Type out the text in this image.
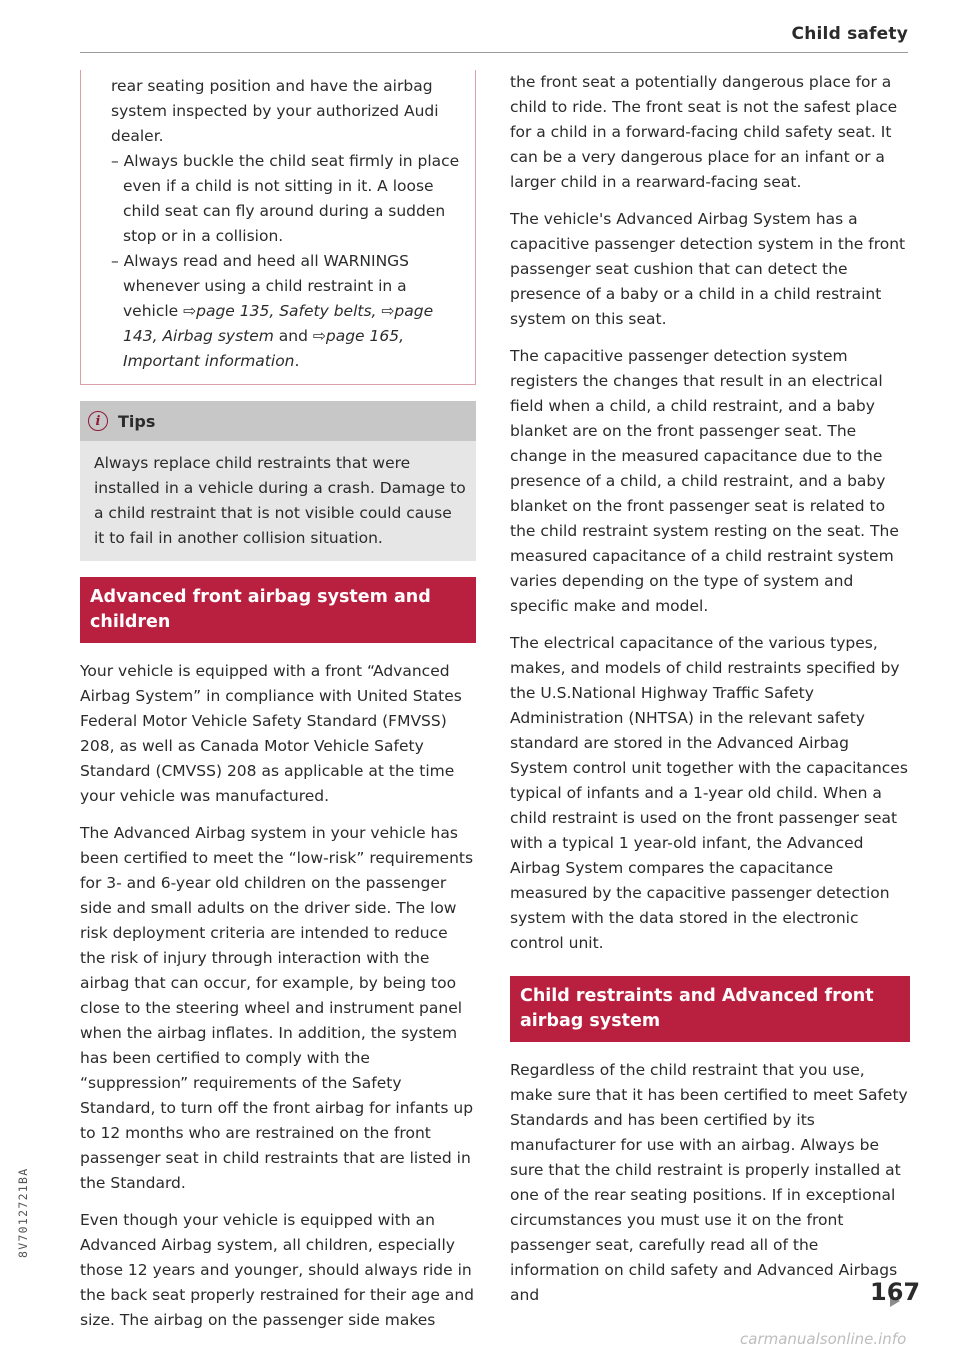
Child safety

rear seating position and have the airbag system inspected by your authorized Audi dealer.

– Always buckle the child seat firmly in place even if a child is not sitting in it. A loose child seat can fly around during a sudden stop or in a collision.

– Always read and heed all WARNINGS whenever using a child restraint in a vehicle ⇨page 135, Safety belts, ⇨page 143, Airbag system and ⇨page 165, Important information.

i	Tips
Always replace child restraints that were installed in a vehicle during a crash. Damage to a child restraint that is not visible could cause it to fail in another collision situation.
Advanced front airbag system and children

Your vehicle is equipped with a front “Advanced Airbag System” in compliance with United States Federal Motor Vehicle Safety Standard (FMVSS) 208, as well as Canada Motor Vehicle Safety Standard (CMVSS) 208 as applicable at the time your vehicle was manufactured.

The Advanced Airbag system in your vehicle has been certified to meet the “low-risk” requirements for 3- and 6-year old children on the passenger side and small adults on the driver side. The low risk deployment criteria are intended to reduce the risk of injury through interaction with the airbag that can occur, for example, by being too close to the steering wheel and instrument panel when the airbag inflates. In addition, the system has been certified to comply with the “suppression” requirements of the Safety Standard, to turn off the front airbag for infants up to 12 months who are restrained on the front passenger seat in child restraints that are listed in the Standard.

Even though your vehicle is equipped with an Advanced Airbag system, all children, especially those 12 years and younger, should always ride in the back seat properly restrained for their age and size. The airbag on the passenger side makes

the front seat a potentially dangerous place for a child to ride. The front seat is not the safest place for a child in a forward-facing child safety seat. It can be a very dangerous place for an infant or a larger child in a rearward-facing seat.

The vehicle's Advanced Airbag System has a capacitive passenger detection system in the front passenger seat cushion that can detect the presence of a baby or a child in a child restraint system on this seat.

The capacitive passenger detection system registers the changes that result in an electrical field when a child, a child restraint, and a baby blanket are on the front passenger seat. The change in the measured capacitance due to the presence of a child, a child restraint, and a baby blanket on the front passenger seat is related to the child restraint system resting on the seat. The measured capacitance of a child restraint system varies depending on the type of system and specific make and model.

The electrical capacitance of the various types, makes, and models of child restraints specified by the U.S.National Highway Traffic Safety Administration (NHTSA) in the relevant safety standard are stored in the Advanced Airbag System control unit together with the capacitances typical of infants and a 1-year old child. When a child restraint is used on the front passenger seat with a typical 1 year-old infant, the Advanced Airbag System compares the capacitance measured by the capacitive passenger detection system with the data stored in the electronic control unit.

Child restraints and Advanced front airbag system

Regardless of the child restraint that you use, make sure that it has been certified to meet Safety Standards and has been certified by its manufacturer for use with an airbag. Always be sure that the child restraint is properly installed at one of the rear seating positions. If in exceptional circumstances you must use it on the front passenger seat, carefully read all of the information on child safety and Advanced Airbags and	167
8V7012721BA
carmanualsonline.info
